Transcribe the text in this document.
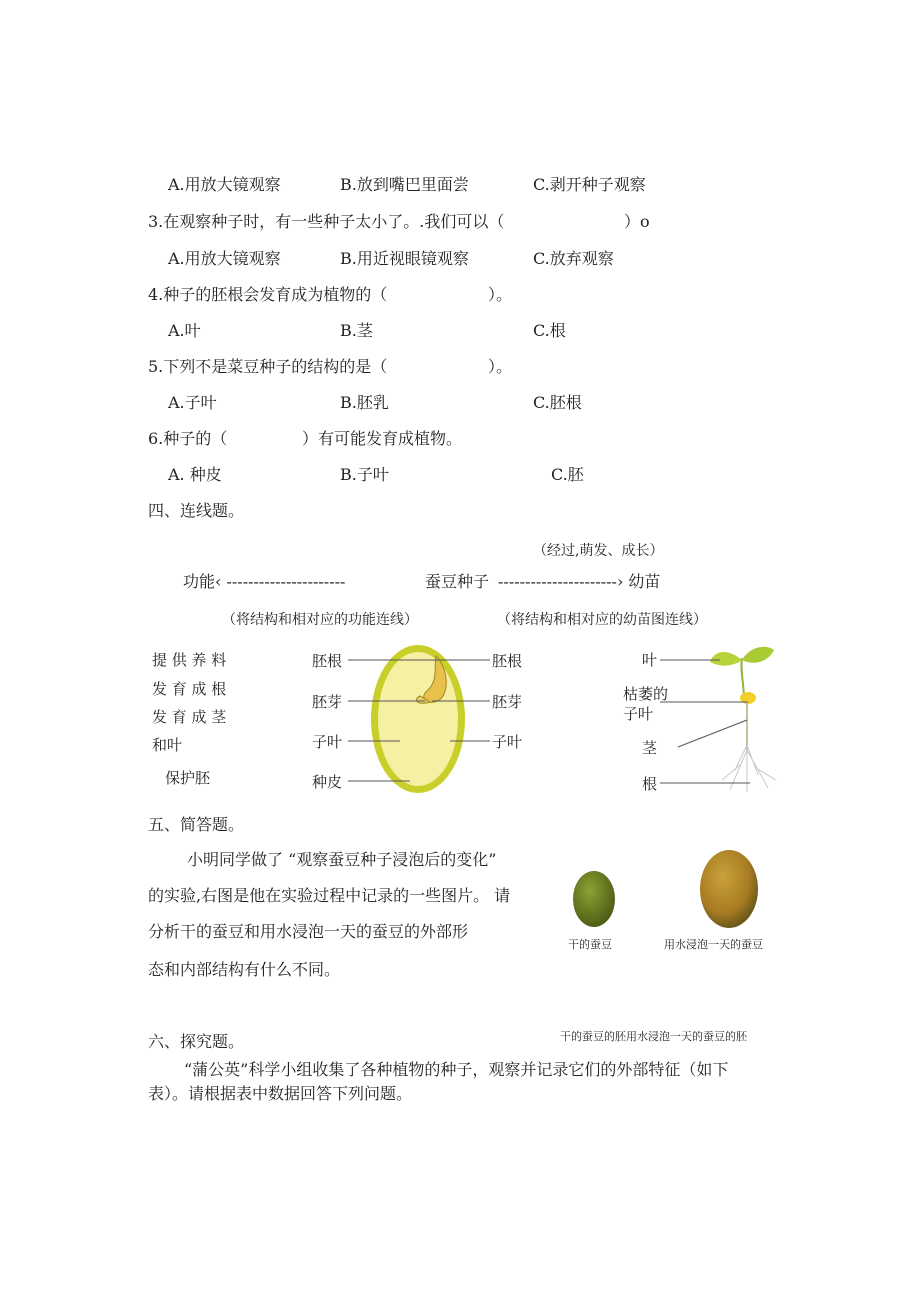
A.用放大镜观察	B.放到嘴巴里面尝	C.剥开种子观察
3.在观察种子时，有一些种子太小了。.我们可以（	）o
A.用放大镜观察	B.用近视眼镜观察	C.放弃观察
4.种子的胚根会发育成为植物的（	）。
A.叶	B.茎	C.根
5.下列不是菜豆种子的结构的是（	）。
A.子叶	B.胚乳	C.胚根
6.种子的（	）有可能发育成植物。
A. 种皮	B.子叶	C.胚
四、连线题。
（经过,萌发、成长）
功能‹ ----------------------	蚕豆种子 ----------------------› 幼苗
（将结构和相对应的功能连线）	（将结构和相对应的幼苗图连线）
提 供 养 料
发 育 成 根
发 育 成 茎
和叶
保护胚
胚根
胚芽
子叶
种皮
胚根
胚芽
子叶
叶
枯萎的
子叶
茎
根
五、简答题。
小明同学做了 “观察蚕豆种子浸泡后的变化”
的实验,右图是他在实验过程中记录的一些图片。 请
分析干的蚕豆和用水浸泡一天的蚕豆的外部形
态和内部结构有什么不同。
干的蚕豆	用水浸泡一天的蚕豆
干的蚕豆的胚用水浸泡一天的蚕豆的胚
六、探究题。
“蒲公英”科学小组收集了各种植物的种子，观察并记录它们的外部特征（如下
表）。请根据表中数据回答下列问题。
